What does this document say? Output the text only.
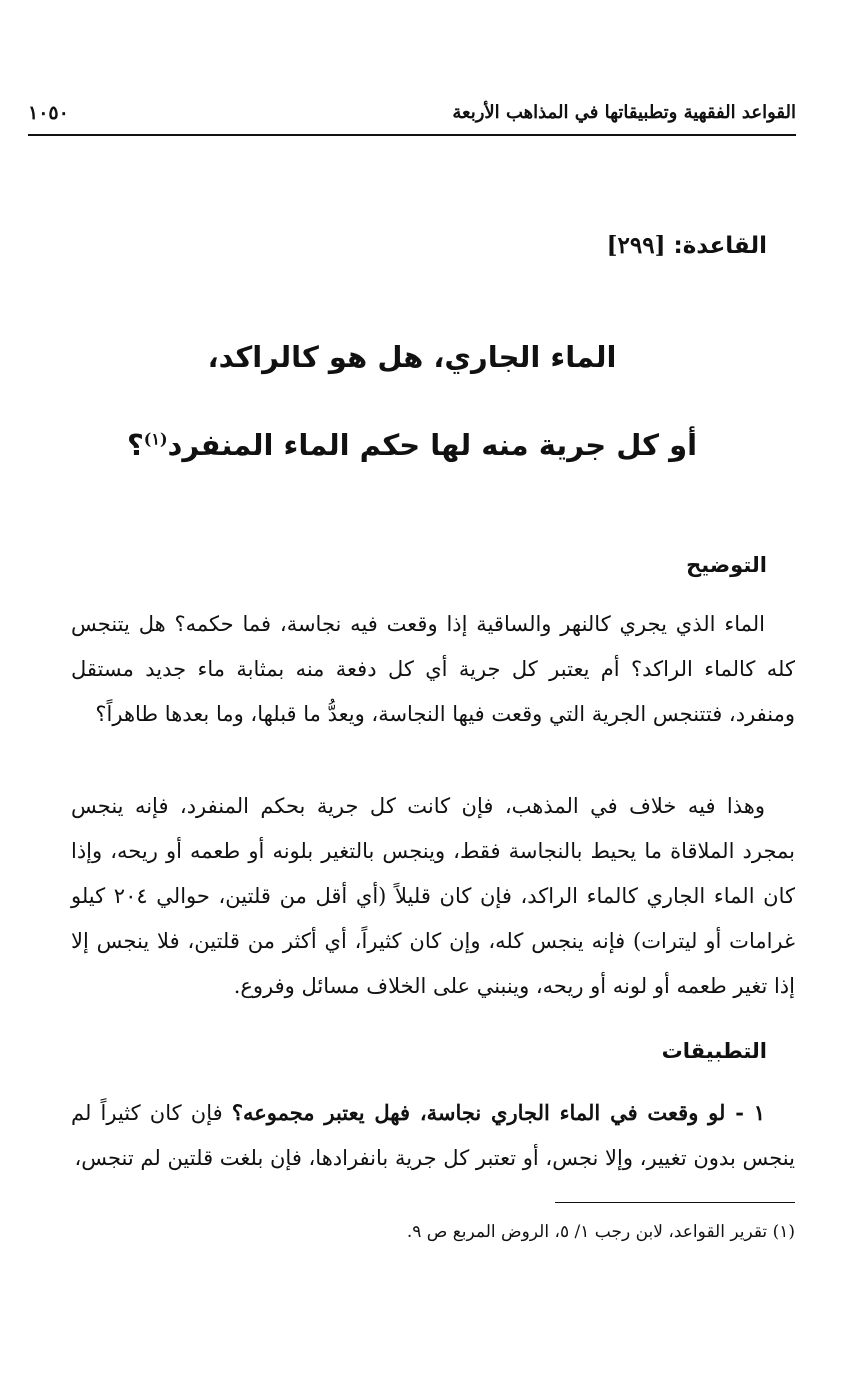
القواعد الفقهية وتطبيقاتها في المذاهب الأربعة
١٠٥٠
القاعدة: [٢٩٩]
الماء الجاري، هل هو كالراكد،
أو كل جرية منه لها حكم الماء المنفرد$^{(١)}$؟
التوضيح

الماء الذي يجري كالنهر والساقية إذا وقعت فيه نجاسة، فما حكمه؟ هل يتنجس كله كالماء الراكد؟ أم يعتبر كل جرية أي كل دفعة منه بمثابة ماء جديد مستقل ومنفرد، فتتنجس الجرية التي وقعت فيها النجاسة، ويعدُّ ما قبلها، وما بعدها طاهراً؟

وهذا فيه خلاف في المذهب، فإن كانت كل جرية بحكم المنفرد، فإنه ينجس بمجرد الملاقاة ما يحيط بالنجاسة فقط، وينجس بالتغير بلونه أو طعمه أو ريحه، وإذا كان الماء الجاري كالماء الراكد، فإن كان قليلاً (أي أقل من قلتين، حوالي ٢٠٤ كيلو غرامات أو ليترات) فإنه ينجس كله، وإن كان كثيراً، أي أكثر من قلتين، فلا ينجس إلا إذا تغير طعمه أو لونه أو ريحه، وينبني على الخلاف مسائل وفروع.

التطبيقات

١ - لو وقعت في الماء الجاري نجاسة، فهل يعتبر مجموعه؟ فإن كان كثيراً لم ينجس بدون تغيير، وإلا نجس، أو تعتبر كل جرية بانفرادها، فإن بلغت قلتين لم تنجس،

(١) تقرير القواعد، لابن رجب ١/ ٥، الروض المربع ص ٩.
